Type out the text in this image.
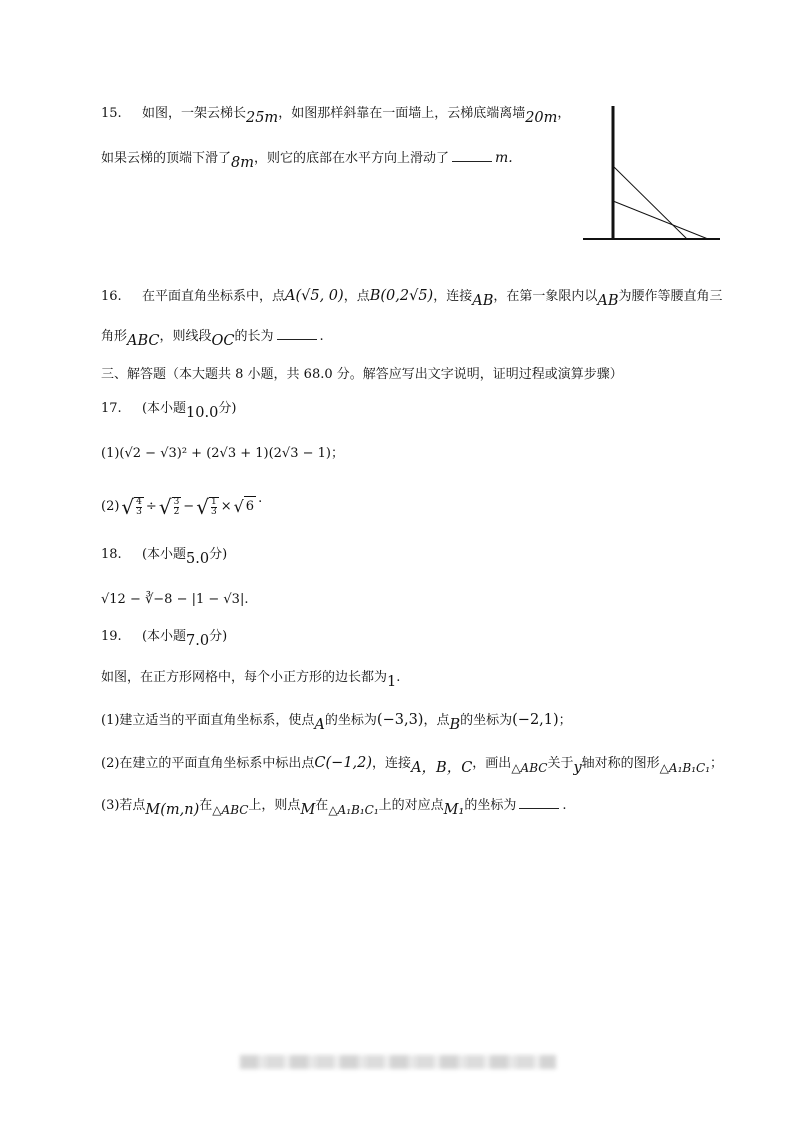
15. 如图，一架云梯长25m，如图那样斜靠在一面墙上，云梯底端离墙20m，
如果云梯的顶端下滑了8m，则它的底部在水平方向上滑动了	m.
16. 在平面直角坐标系中，点A(√5, 0)，点B(0,2√5)，连接AB，在第一象限内以AB为腰作等腰直角三
角形ABC，则线段OC的长为	.
三、解答题（本大题共 8 小题，共 68.0 分。解答应写出文字说明，证明过程或演算步骤）
17. (本小题10.0分)
(1)(√2 − √3)² + (2√3 + 1)(2√3 − 1)；
(2) √ $\frac{4}{3}$ ÷ √ $\frac{3}{2}$ − √ $\frac{1}{3}$ × √ 6
.
18. (本小题5.0分)
√12 − ∛−8 − |1 − √3|.
19. (本小题7.0分)
如图，在正方形网格中，每个小正方形的边长都为1.
(1)建立适当的平面直角坐标系，使点A的坐标为(−3,3)，点B的坐标为(−2,1)；
(2)在建立的平面直角坐标系中标出点C(−1,2)，连接A，B，C，画出△ABC关于y轴对称的图形△A₁B₁C₁；
(3)若点M(m,n)在△ABC上，则点M在△A₁B₁C₁上的对应点M₁的坐标为	.
